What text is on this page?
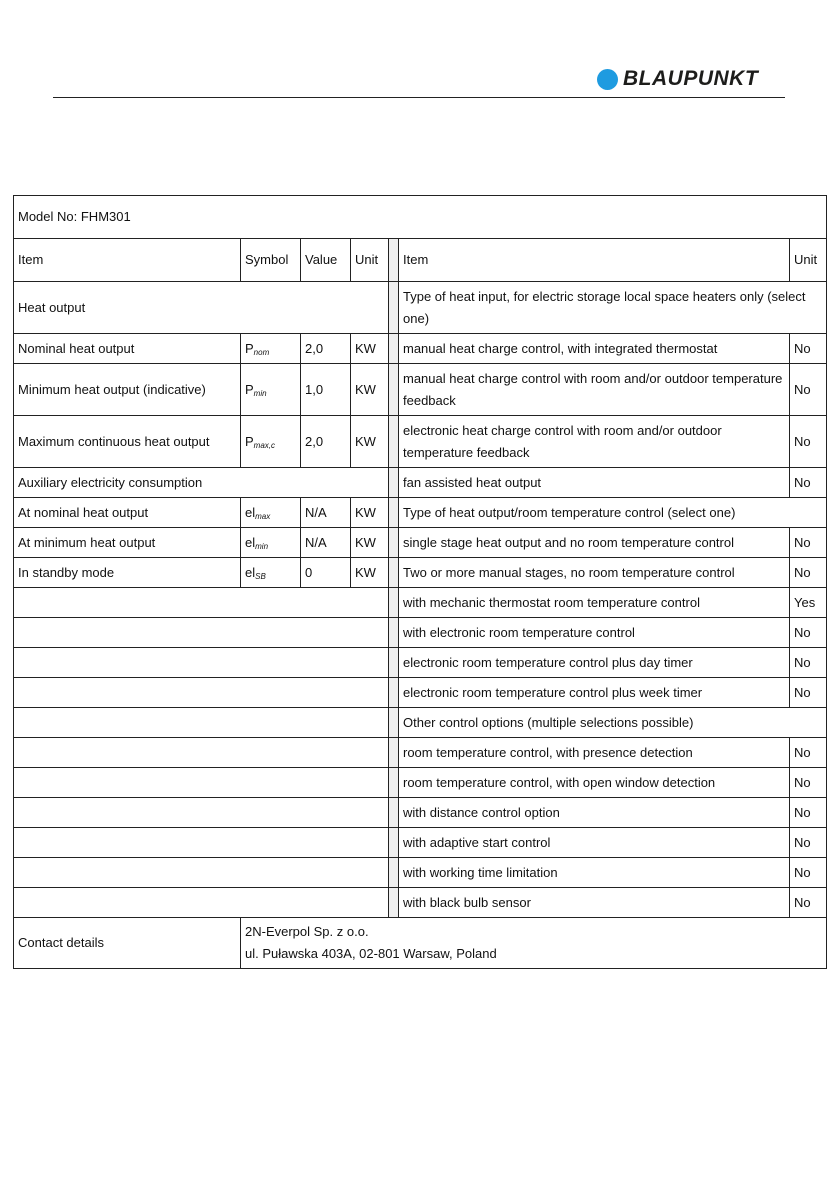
BLAUPUNKT
Model No: FHM301						
Item	Symbol	Value	Unit		Item	Unit
Heat output					Type of heat input, for electric storage local space heaters only (select one)	
Nominal heat output	$P_{nom}$	2,0	KW		manual heat charge control, with integrated thermostat	No
Minimum heat output (indicative)	$P_{min}$	1,0	KW		manual heat charge control with room and/or outdoor temperature feedback	No
Maximum continuous heat output	$P_{max,c}$	2,0	KW		electronic heat charge control with room and/or outdoor temperature feedback	No
Auxiliary electricity consumption					fan assisted heat output	No
At nominal heat output	$el_{max}$	N/A	KW		Type of heat output/room temperature control (select one)	
At minimum heat output	$el_{min}$	N/A	KW		single stage heat output and no room temperature control	No
In standby mode	$el_{SB}$	0	KW		Two or more manual stages, no room temperature control	No
					with mechanic thermostat room temperature control	Yes
					with electronic room temperature control	No
					electronic room temperature control plus day timer	No
					electronic room temperature control plus week timer	No
					Other control options (multiple selections possible)	
					room temperature control, with presence detection	No
					room temperature control, with open window detection	No
					with distance control option	No
					with adaptive start control	No
					with working time limitation	No
					with black bulb sensor	No
Contact details	2N-Everpol Sp. z o.o.
ul. Puławska 403A, 02-801 Warsaw, Poland					
